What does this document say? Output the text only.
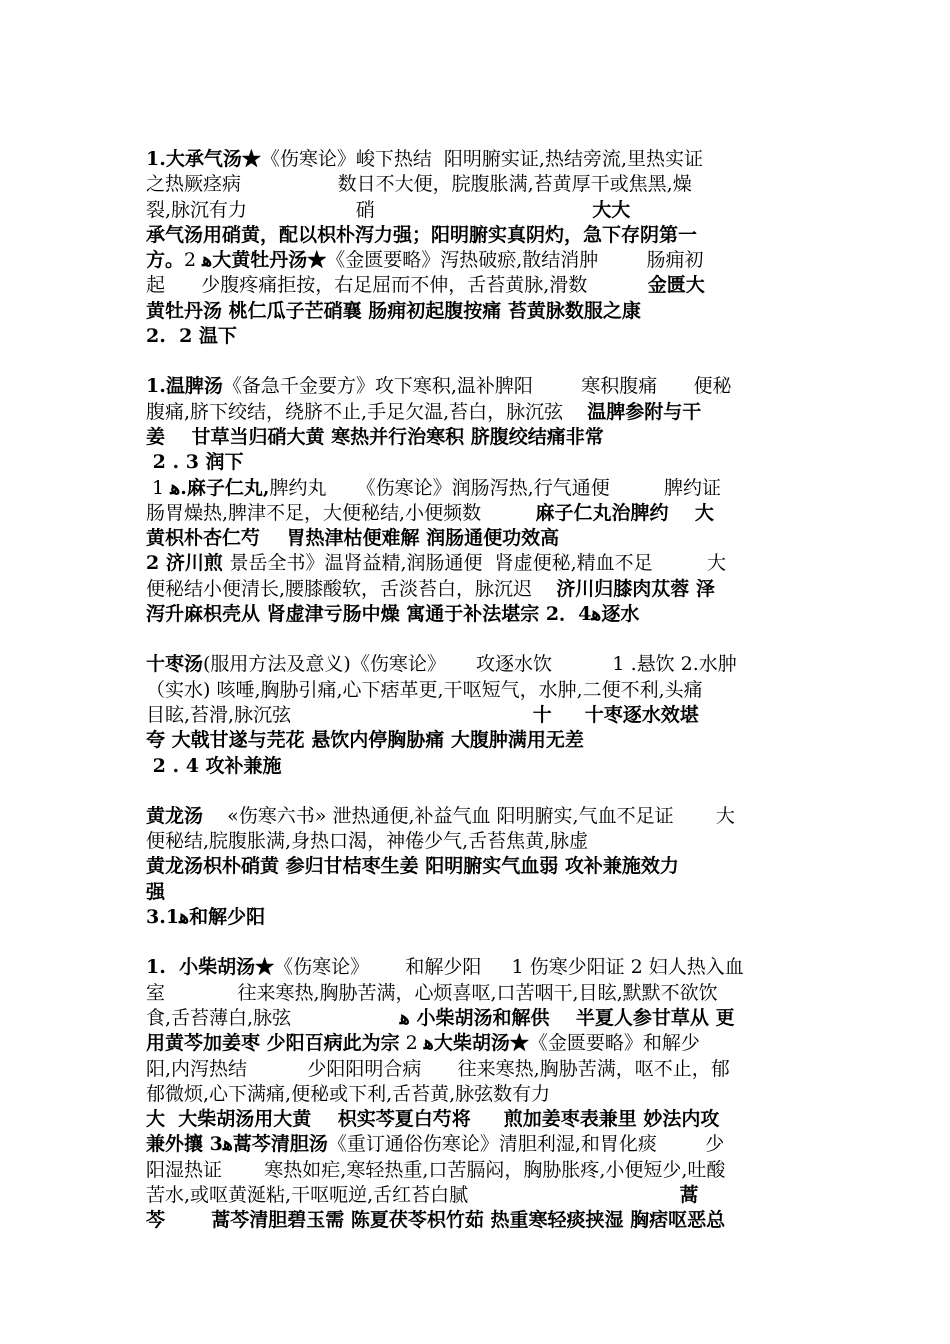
1.大承气汤★《伤寒论》峻下热结  阳明腑实证,热结旁流,里热实证

之热厥痉病                数日不大便，脘腹胀满,苔黄厚干或焦黑,燥

裂,脉沉有力                  硝                                    大大

承气汤用硝黄，配以枳朴泻力强；阳明腑实真阴灼，急下存阴第一

方。2 ﻫ大黄牡丹汤★《金匮要略》泻热破瘀,散结消肿        肠痈初

起      少腹疼痛拒按，右足屈而不伸，舌苔黄脉,滑数          金匮大

黄牡丹汤 桃仁瓜子芒硝襄 肠痈初起腹按痛 苔黄脉数服之康

2.  2 温下

1.温脾汤《备急千金要方》攻下寒积,温补脾阳        寒积腹痛      便秘

腹痛,脐下绞结，绕脐不止,手足欠温,苔白，脉沉弦    温脾参附与干

姜    甘草当归硝大黄 寒热并行治寒积 脐腹绞结痛非常

2 . 3 润下

1 ﻫ.麻子仁丸,脾约丸     《伤寒论》润肠泻热,行气通便         脾约证

肠胃燥热,脾津不足，大便秘结,小便频数         麻子仁丸治脾约    大

黄枳朴杏仁芍    胃热津枯便难解 润肠通便功效高

2 济川煎 景岳全书》温肾益精,润肠通便  肾虚便秘,精血不足         大

便秘结小便清长,腰膝酸软，舌淡苔白，脉沉迟    济川归膝肉苁蓉 泽

泻升麻枳壳从 肾虚津亏肠中燥 寓通于补法堪宗 2．4ﻫ逐水

十枣汤(服用方法及意义)《伤寒论》     攻逐水饮          1 .悬饮 2.水肿

（实水) 咳唾,胸胁引痛,心下痞革更,干呕短气，水肿,二便不利,头痛

目眩,苔滑,脉沉弦                                        十     十枣逐水效堪

夸 大戟甘遂与芫花 悬饮内停胸胁痛 大腹肿满用无差

2 . 4 攻补兼施

黄龙汤    «伤寒六书» 泄热通便,补益气血 阳明腑实,气血不足证       大

便秘结,脘腹胀满,身热口渴，神倦少气,舌苔焦黄,脉虚

黄龙汤枳朴硝黄 参归甘桔枣生姜 阳明腑实气血弱 攻补兼施效力

强

3.1ﻫ和解少阳

1.  小柴胡汤★《伤寒论》      和解少阳     1 伤寒少阳证 2 妇人热入血

室            往来寒热,胸胁苦满，心烦喜呕,口苦咽干,目眩,默默不欲饮

食,舌苔薄白,脉弦                  ﻫ 小柴胡汤和解供    半夏人参甘草从 更

用黄芩加姜枣 少阳百病此为宗 2 ﻫ大柴胡汤★《金匮要略》和解少

阳,内泻热结          少阳阳明合病      往来寒热,胸胁苦满，呕不止，郁

郁微烦,心下满痛,便秘或下利,舌苔黄,脉弦数有力

大  大柴胡汤用大黄    枳实芩夏白芍将     煎加姜枣表兼里 妙法内攻

兼外攘 3ﻫ蒿芩清胆汤《重订通俗伤寒论》清胆利湿,和胃化痰        少

阳湿热证       寒热如疟,寒轻热重,口苦膈闷，胸胁胀疼,小便短少,吐酸

苦水,或呕黄涎粘,干呕呃逆,舌红苔白腻                                   蒿

芩       蒿芩清胆碧玉需 陈夏茯苓枳竹茹 热重寒轻痰挟湿 胸痞呕恶总
